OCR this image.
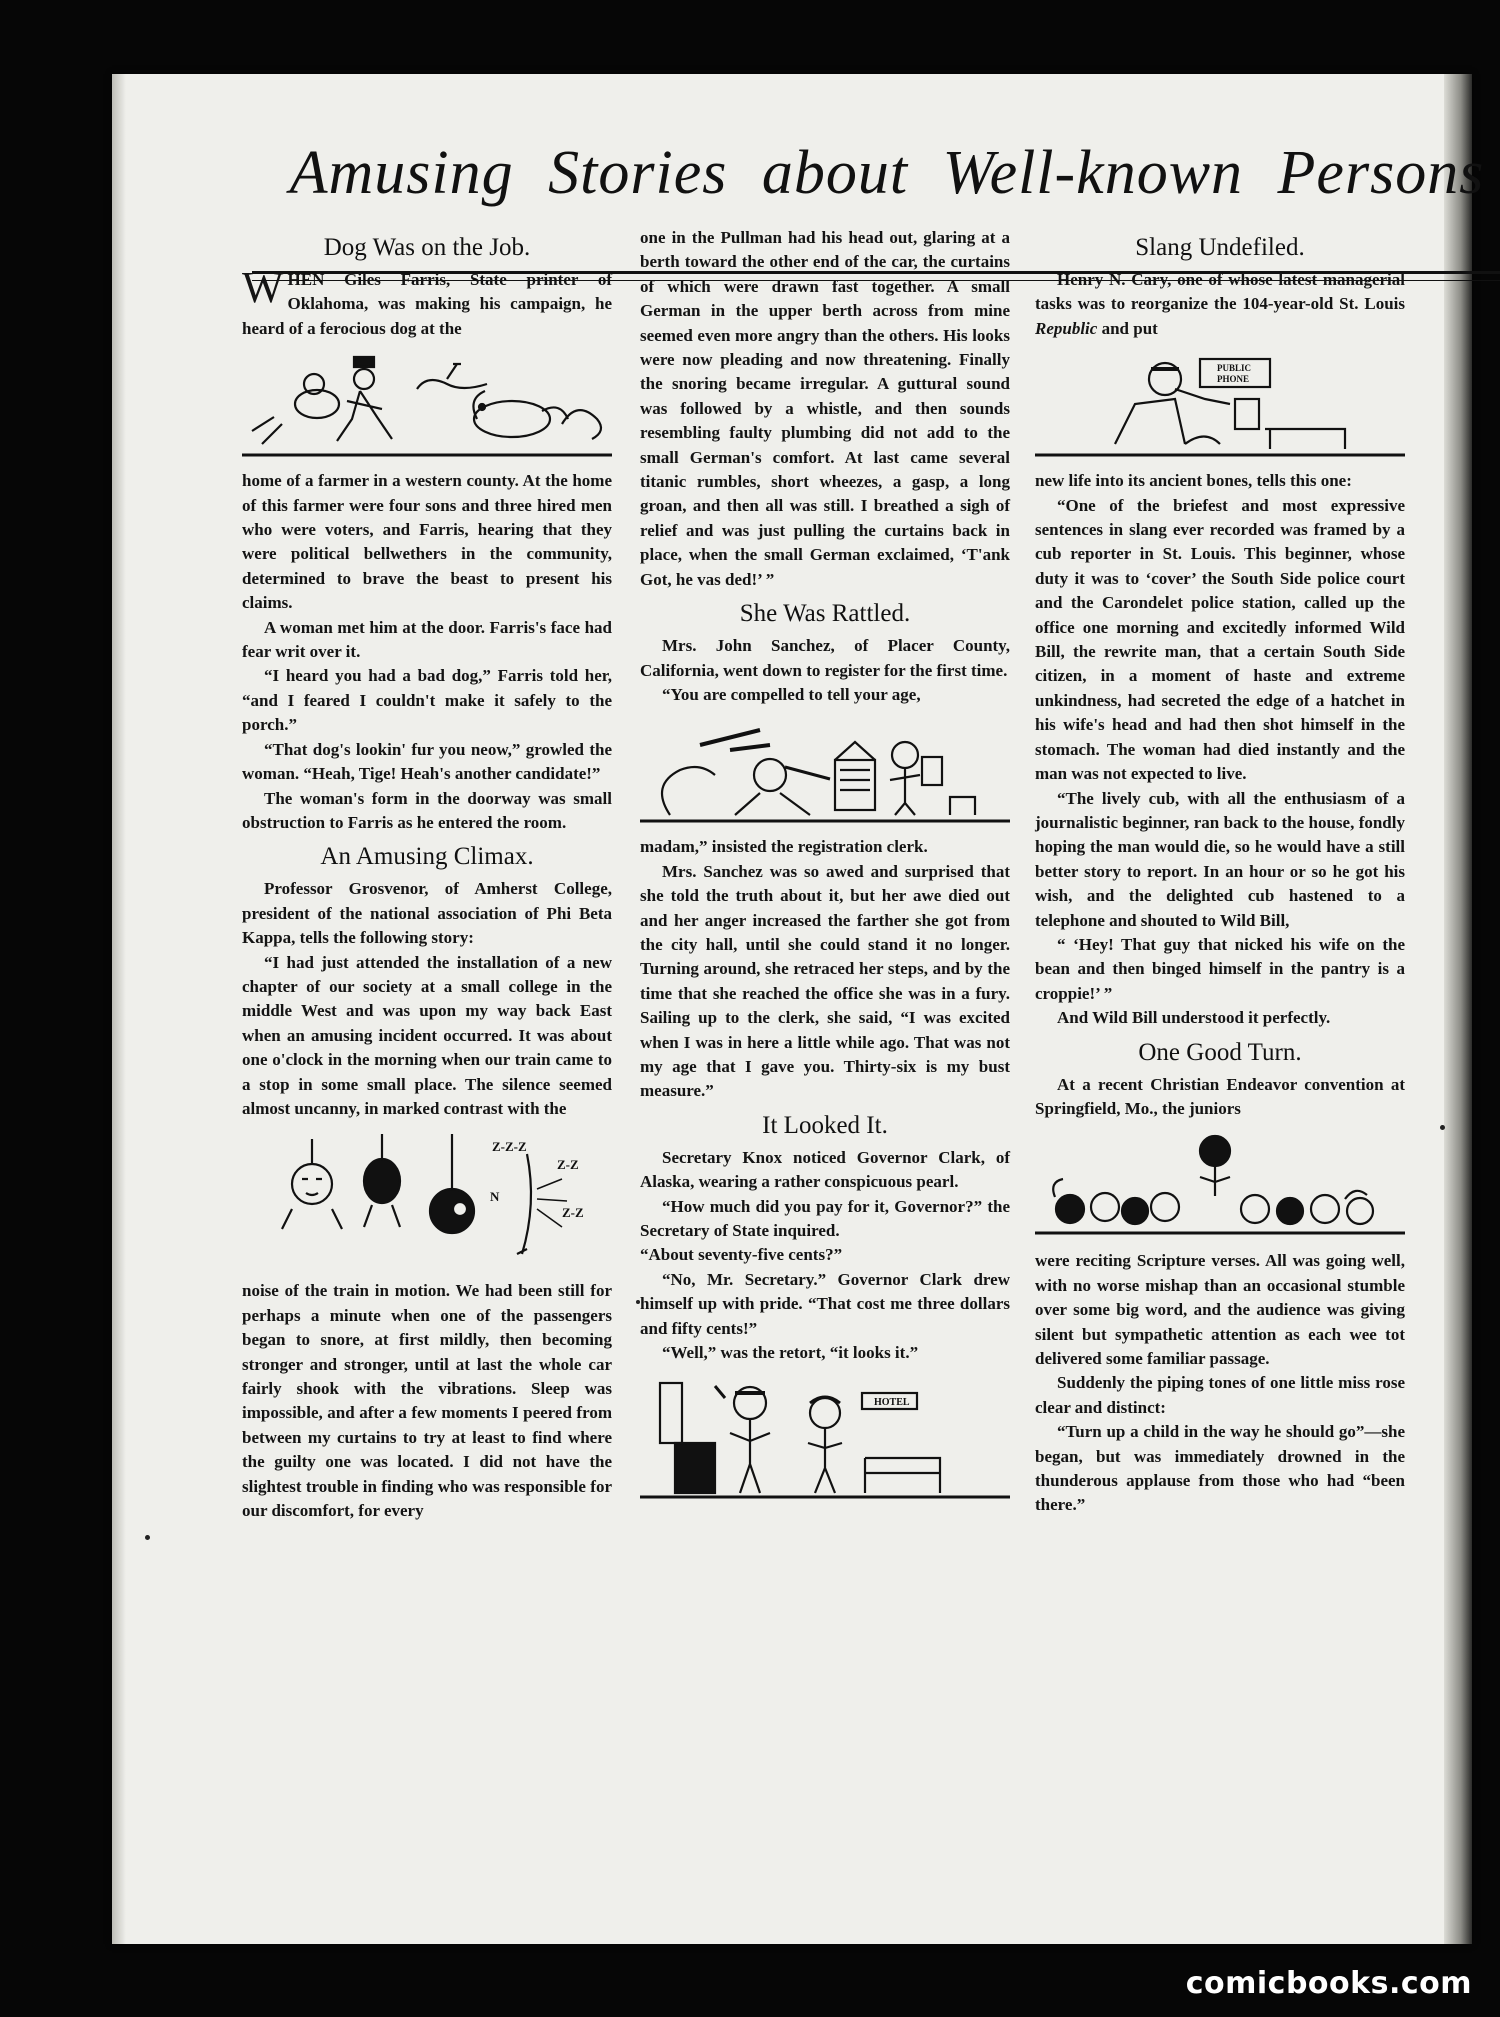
Amusing Stories about Well-known Persons
Dog Was on the Job.

WHEN Giles Farris, State printer of Oklahoma, was making his campaign, he heard of a ferocious dog at the

home of a farmer in a western county. At the home of this farmer were four sons and three hired men who were voters, and Farris, hearing that they were political bellwethers in the community, determined to brave the beast to present his claims.

A woman met him at the door. Farris's face had fear writ over it.

“I heard you had a bad dog,” Farris told her, “and I feared I couldn't make it safely to the porch.”

“That dog's lookin' fur you neow,” growled the woman. “Heah, Tige! Heah's another candidate!”

The woman's form in the doorway was small obstruction to Farris as he entered the room.

An Amusing Climax.

Professor Grosvenor, of Amherst College, president of the national association of Phi Beta Kappa, tells the following story:

“I had just attended the installation of a new chapter of our society at a small college in the middle West and was upon my way back East when an amusing incident occurred. It was about one o'clock in the morning when our train came to a stop in some small place. The silence seemed almost uncanny, in marked contrast with the

Z-Z-Z
Z-Z
Z-Z
N

noise of the train in motion. We had been still for perhaps a minute when one of the passengers began to snore, at first mildly, then becoming stronger and stronger, until at last the whole car fairly shook with the vibrations. Sleep was impossible, and after a few moments I peered from between my curtains to try at least to find where the guilty one was located. I did not have the slightest trouble in finding who was responsible for our discomfort, for every

one in the Pullman had his head out, glaring at a berth toward the other end of the car, the curtains of which were drawn fast together. A small German in the upper berth across from mine seemed even more angry than the others. His looks were now pleading and now threatening. Finally the snoring became irregular. A guttural sound was followed by a whistle, and then sounds resembling faulty plumbing did not add to the small German's comfort. At last came several titanic rumbles, short wheezes, a gasp, a long groan, and then all was still. I breathed a sigh of relief and was just pulling the curtains back in place, when the small German exclaimed, ‘T'ank Got, he vas ded!’ ”

She Was Rattled.

Mrs. John Sanchez, of Placer County, California, went down to register for the first time.

“You are compelled to tell your age,

madam,” insisted the registration clerk.

Mrs. Sanchez was so awed and surprised that she told the truth about it, but her awe died out and her anger increased the farther she got from the city hall, until she could stand it no longer. Turning around, she retraced her steps, and by the time that she reached the office she was in a fury. Sailing up to the clerk, she said, “I was excited when I was in here a little while ago. That was not my age that I gave you. Thirty-six is my bust measure.”

It Looked It.

Secretary Knox noticed Governor Clark, of Alaska, wearing a rather conspicuous pearl.

“How much did you pay for it, Governor?” the Secretary of State inquired.

“About seventy-five cents?”

“No, Mr. Secretary.” Governor Clark drew himself up with pride. “That cost me three dollars and fifty cents!”

“Well,” was the retort, “it looks it.”

HOTEL
Slang Undefiled.

Henry N. Cary, one of whose latest managerial tasks was to reorganize the 104-year-old St. Louis Republic and put

PUBLIC
PHONE

new life into its ancient bones, tells this one:

“One of the briefest and most expressive sentences in slang ever recorded was framed by a cub reporter in St. Louis. This beginner, whose duty it was to ‘cover’ the South Side police court and the Carondelet police station, called up the office one morning and excitedly informed Wild Bill, the rewrite man, that a certain South Side citizen, in a moment of haste and extreme unkindness, had secreted the edge of a hatchet in his wife's head and had then shot himself in the stomach. The woman had died instantly and the man was not expected to live.

“The lively cub, with all the enthusiasm of a journalistic beginner, ran back to the house, fondly hoping the man would die, so he would have a still better story to report. In an hour or so he got his wish, and the delighted cub hastened to a telephone and shouted to Wild Bill,

“ ‘Hey! That guy that nicked his wife on the bean and then binged himself in the pantry is a croppie!’ ”

And Wild Bill understood it perfectly.

One Good Turn.

At a recent Christian Endeavor convention at Springfield, Mo., the juniors

were reciting Scripture verses. All was going well, with no worse mishap than an occasional stumble over some big word, and the audience was giving silent but sympathetic attention as each wee tot delivered some familiar passage.

Suddenly the piping tones of one little miss rose clear and distinct:

“Turn up a child in the way he should go”—she began, but was immediately drowned in the thunderous applause from those who had “been there.”

comicbooks.com
